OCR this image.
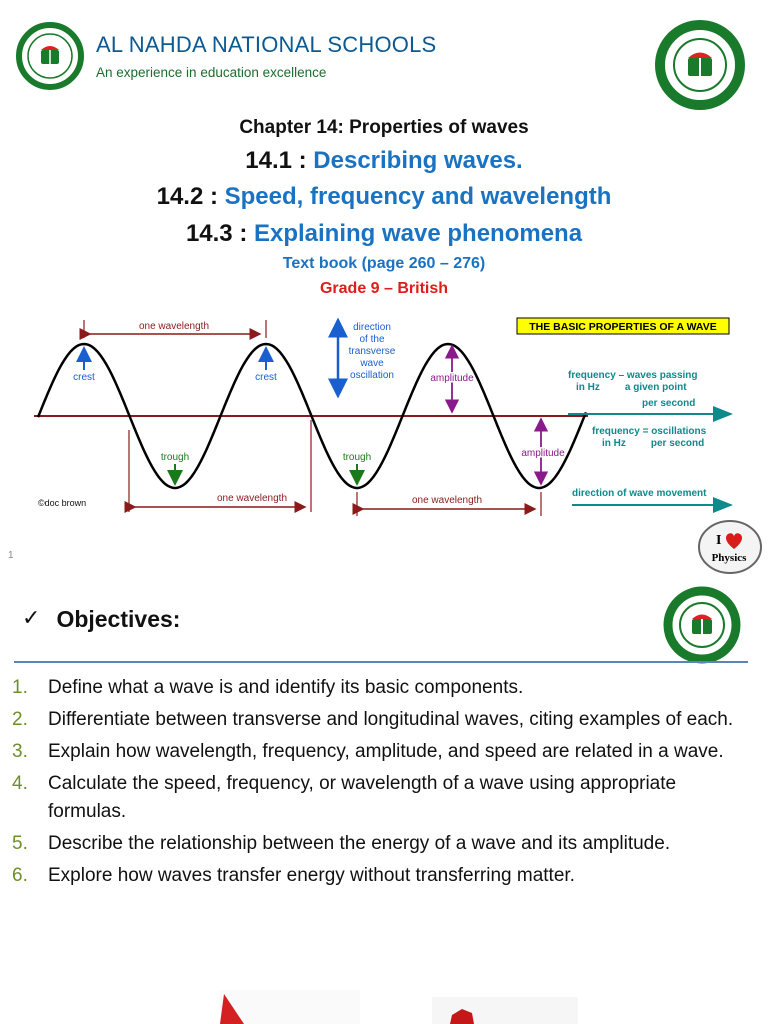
AL NAHDA NATIONAL SCHOOLS
An experience in education excellence
Chapter 14: Properties of waves
14.1 : Describing waves.
14.2 : Speed, frequency and wavelength
14.3 : Explaining wave phenomena
Text book (page 260 – 276)
Grade 9 – British
one wavelength
crest	crest
direction
of the
transverse
wave
oscillation	amplitude
amplitude
trough	trough
one wavelength	one wavelength
©doc brown
THE BASIC PROPERTIES OF A WAVE
frequency – waves passing
in Hz         a given point
per second
frequency = oscillations
in Hz         per second
direction of wave movement
1
I
Physics
✓ Objectives:
1.	Define what a wave is and identify its basic components.
2.	Differentiate between transverse and longitudinal waves, citing examples of each.
3.	Explain how wavelength, frequency, amplitude, and speed are related in a wave.
4.	Calculate the speed, frequency, or wavelength of a wave using appropriate formulas.
5.	Describe the relationship between the energy of a wave and its amplitude.
6.	Explore how waves transfer energy without transferring matter.
